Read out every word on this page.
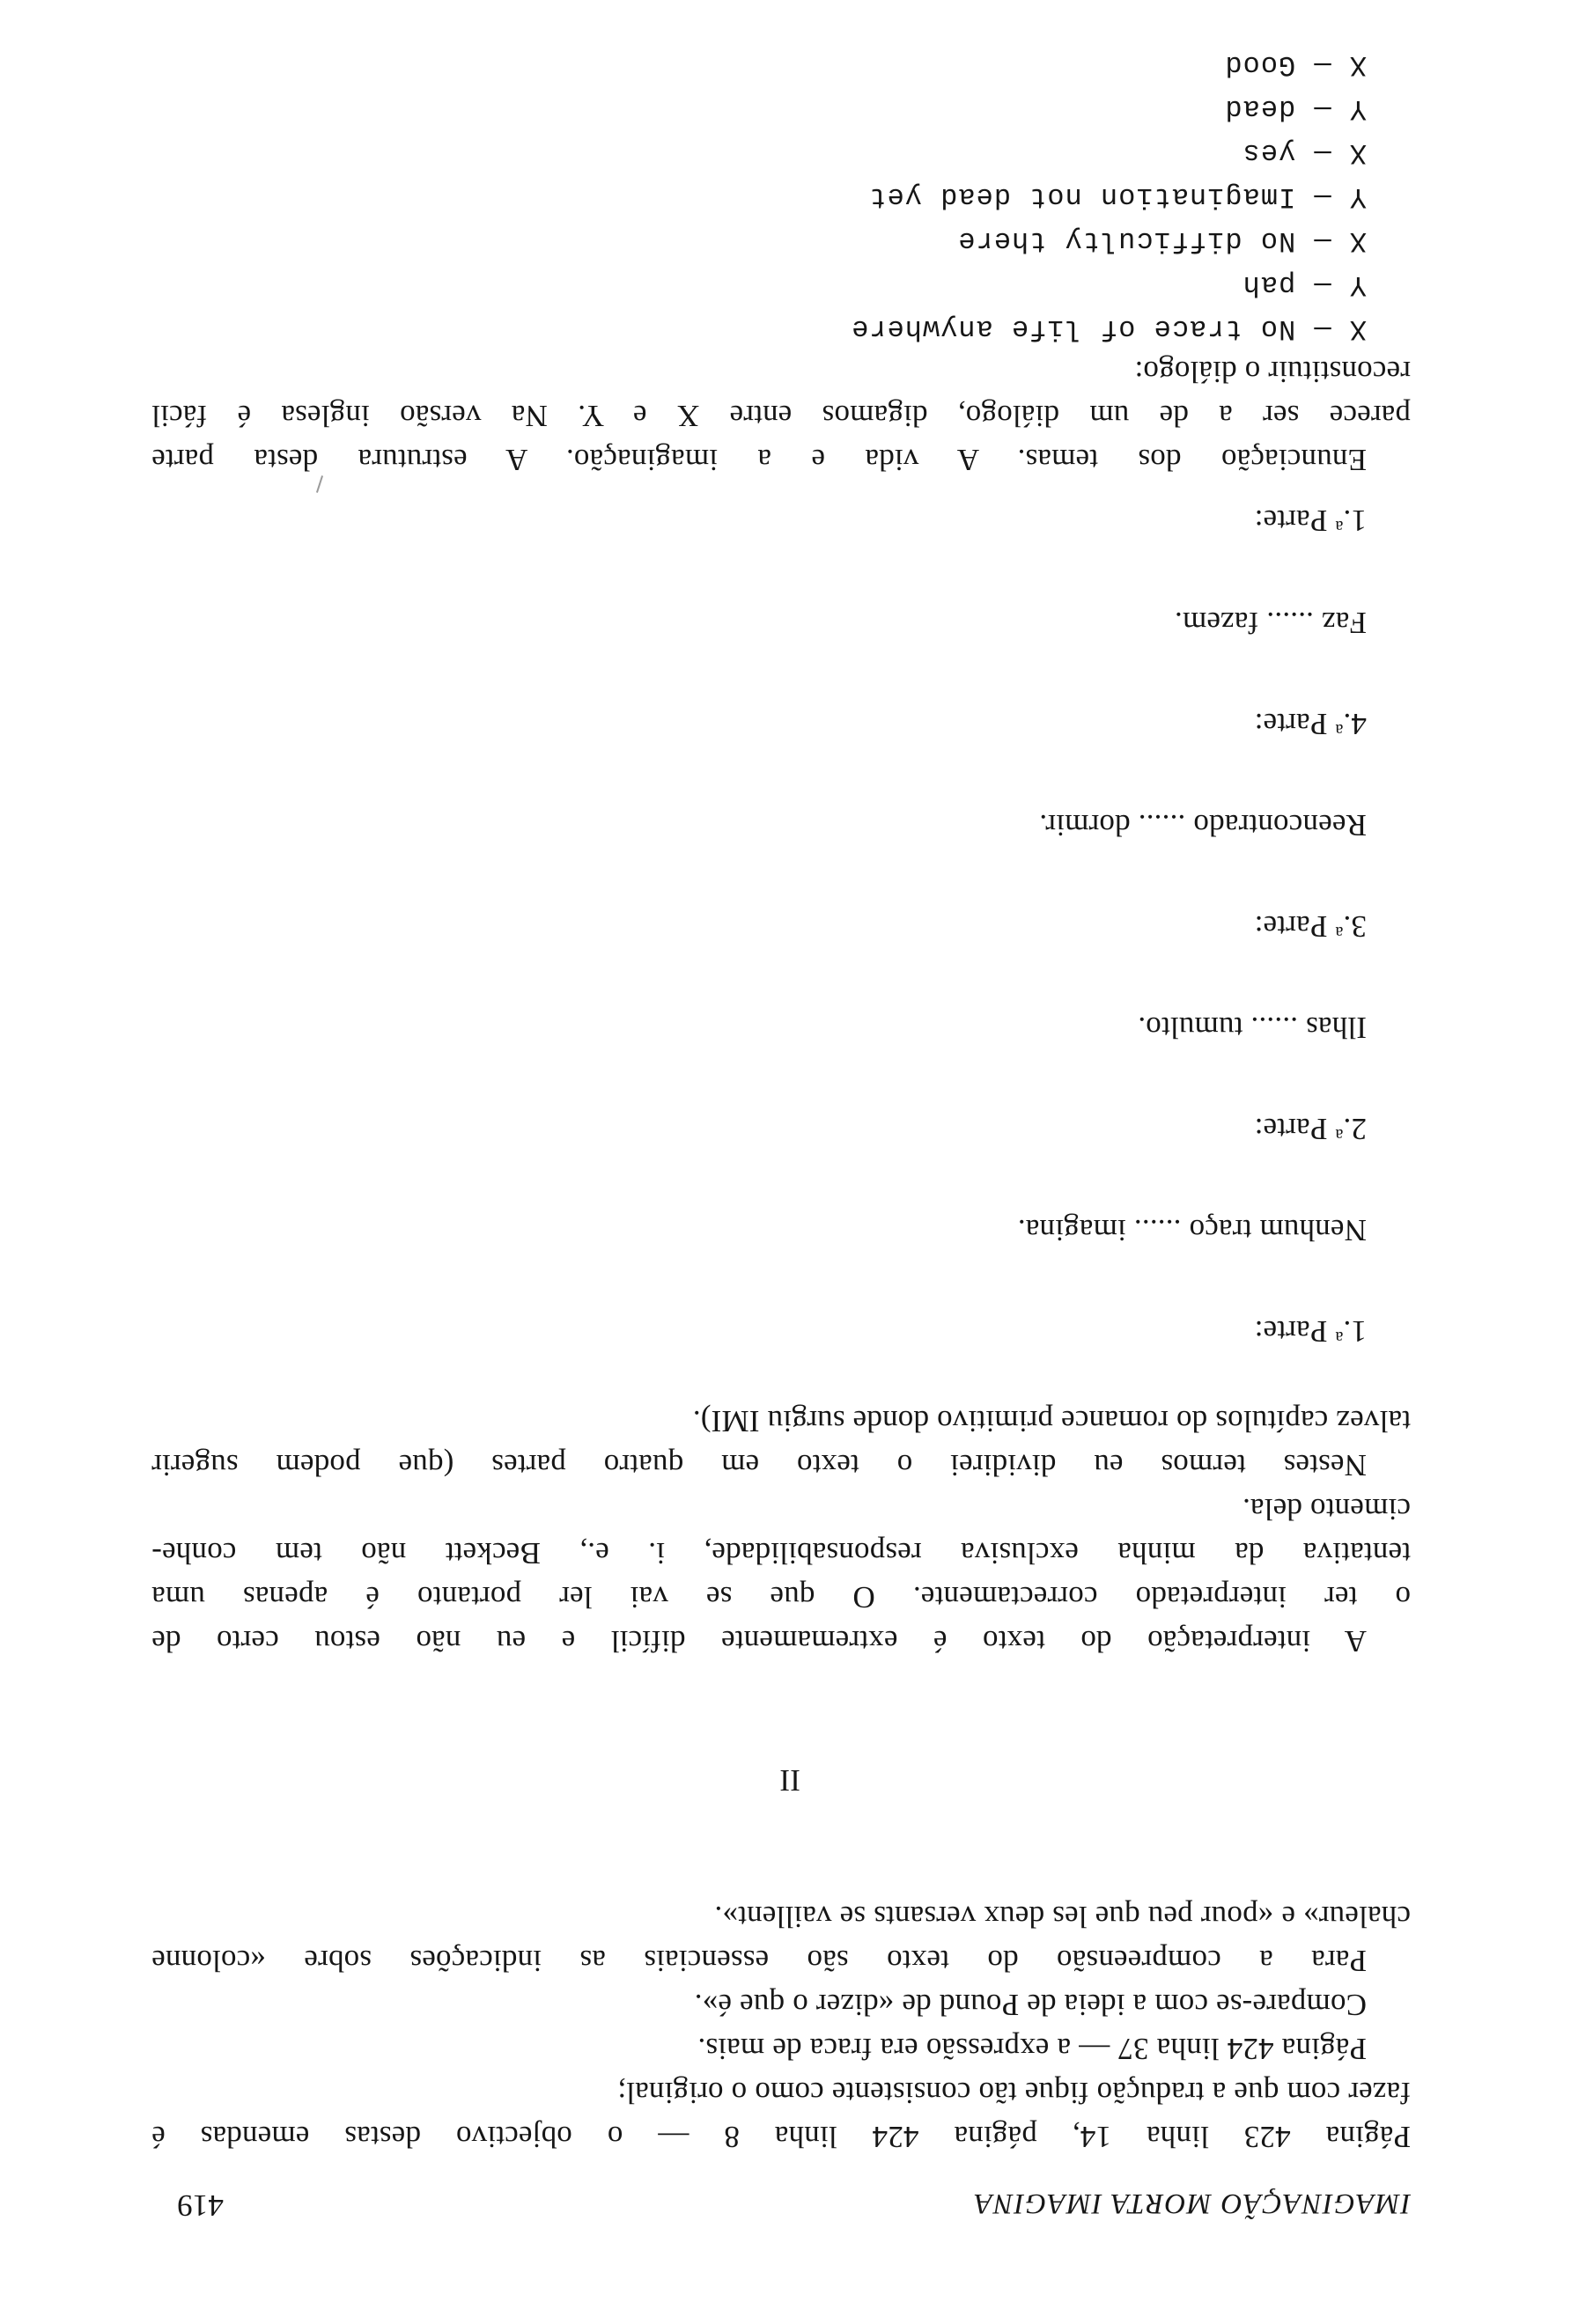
IMAGINAÇÃO MORTA IMAGINA
419
Página 423 linha 14, página 424 linha 8 — o objectivo destas emendas é
fazer com que a tradução fique tão consistente como o original;
Página 424 linha 37 — a expressão era fraca de mais.
Compare-se com a ideia de Pound de «dizer o que é».
Para a compreensão do texto são essenciais as indicações sobre «colonne
chaleur» e «pour peu que les deux versants se vaillent».
II
A interpretação do texto é extremamente difícil e eu não estou certo de
o ter interpretado correctamente. O que se vai ler portanto é apenas uma
tentativa da minha exclusiva responsabilidade, i. e., Beckett não tem conhe-
cimento dela.
Nestes termos eu dividirei o texto em quatro partes (que podem sugerir
talvez capítulos do romance primitivo donde surgiu IMI).
1.$^a$ Parte:
Nenhum traço ...... imagina.
2.$^a$ Parte:
Ilhas ...... tumulto.
3.$^a$ Parte:
Reencontrado ...... dormir.
4.$^a$ Parte:
Faz ...... fazem.
1.$^a$ Parte:
Enunciação dos temas. A vida e a imaginação. A estrutura desta parte
parece ser a de um diálogo, digamos entre X e Y. Na versão inglesa é fácil
reconstituir o diálogo:
X — No trace of life anywhere
Y — pah
X — No difficulty there
Y — Imagination not dead yet
X — yes
Y — dead
X — Good
